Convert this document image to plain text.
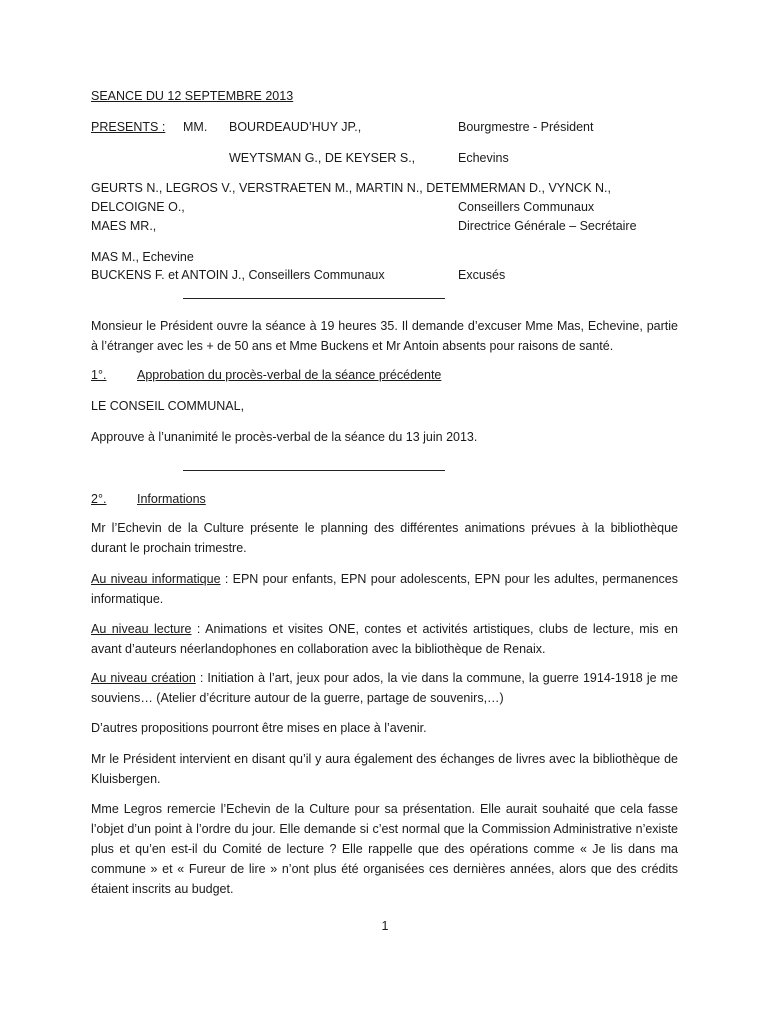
SEANCE DU 12 SEPTEMBRE 2013
PRESENTS : MM. BOURDEAUD’HUY JP.,	Bourgmestre - Président
WEYTSMAN G., DE KEYSER S.,	Echevins
GEURTS N., LEGROS V., VERSTRAETEN M., MARTIN N., DETEMMERMAN D., VYNCK N.,
DELCOIGNE O.,	Conseillers Communaux
MAES MR.,	Directrice Générale – Secrétaire
MAS M., Echevine
BUCKENS F. et ANTOIN J., Conseillers Communaux	Excusés
Monsieur le Président ouvre la séance à 19 heures 35. Il demande d’excuser Mme Mas, Echevine, partie à l’étranger avec les + de 50 ans et Mme Buckens et Mr Antoin absents pour raisons de santé.
1°. Approbation du procès-verbal de la séance précédente
LE CONSEIL COMMUNAL,
Approuve à l’unanimité le procès-verbal de la séance du 13 juin 2013.
2°. Informations
Mr l’Echevin de la Culture présente le planning des différentes animations prévues à la bibliothèque durant le prochain trimestre.
Au niveau informatique : EPN pour enfants, EPN pour adolescents, EPN pour les adultes, permanences informatique.
Au niveau lecture : Animations et visites ONE, contes et activités artistiques, clubs de lecture, mis en avant d’auteurs néerlandophones en collaboration avec la bibliothèque de Renaix.
Au niveau création : Initiation à l’art, jeux pour ados, la vie dans la commune, la guerre 1914-1918 je me souviens… (Atelier d’écriture autour de la guerre, partage de souvenirs,…)
D’autres propositions pourront être mises en place à l’avenir.
Mr le Président intervient en disant qu’il y aura également des échanges de livres avec la bibliothèque de Kluisbergen.
Mme Legros remercie l’Echevin de la Culture pour sa présentation. Elle aurait souhaité que cela fasse l’objet d’un point à l’ordre du jour. Elle demande si c’est normal que la Commission Administrative n’existe plus et qu’en est-il du Comité de lecture ? Elle rappelle que des opérations comme « Je lis dans ma commune » et « Fureur de lire » n’ont plus été organisées ces dernières années, alors que des crédits étaient inscrits au budget.
1
